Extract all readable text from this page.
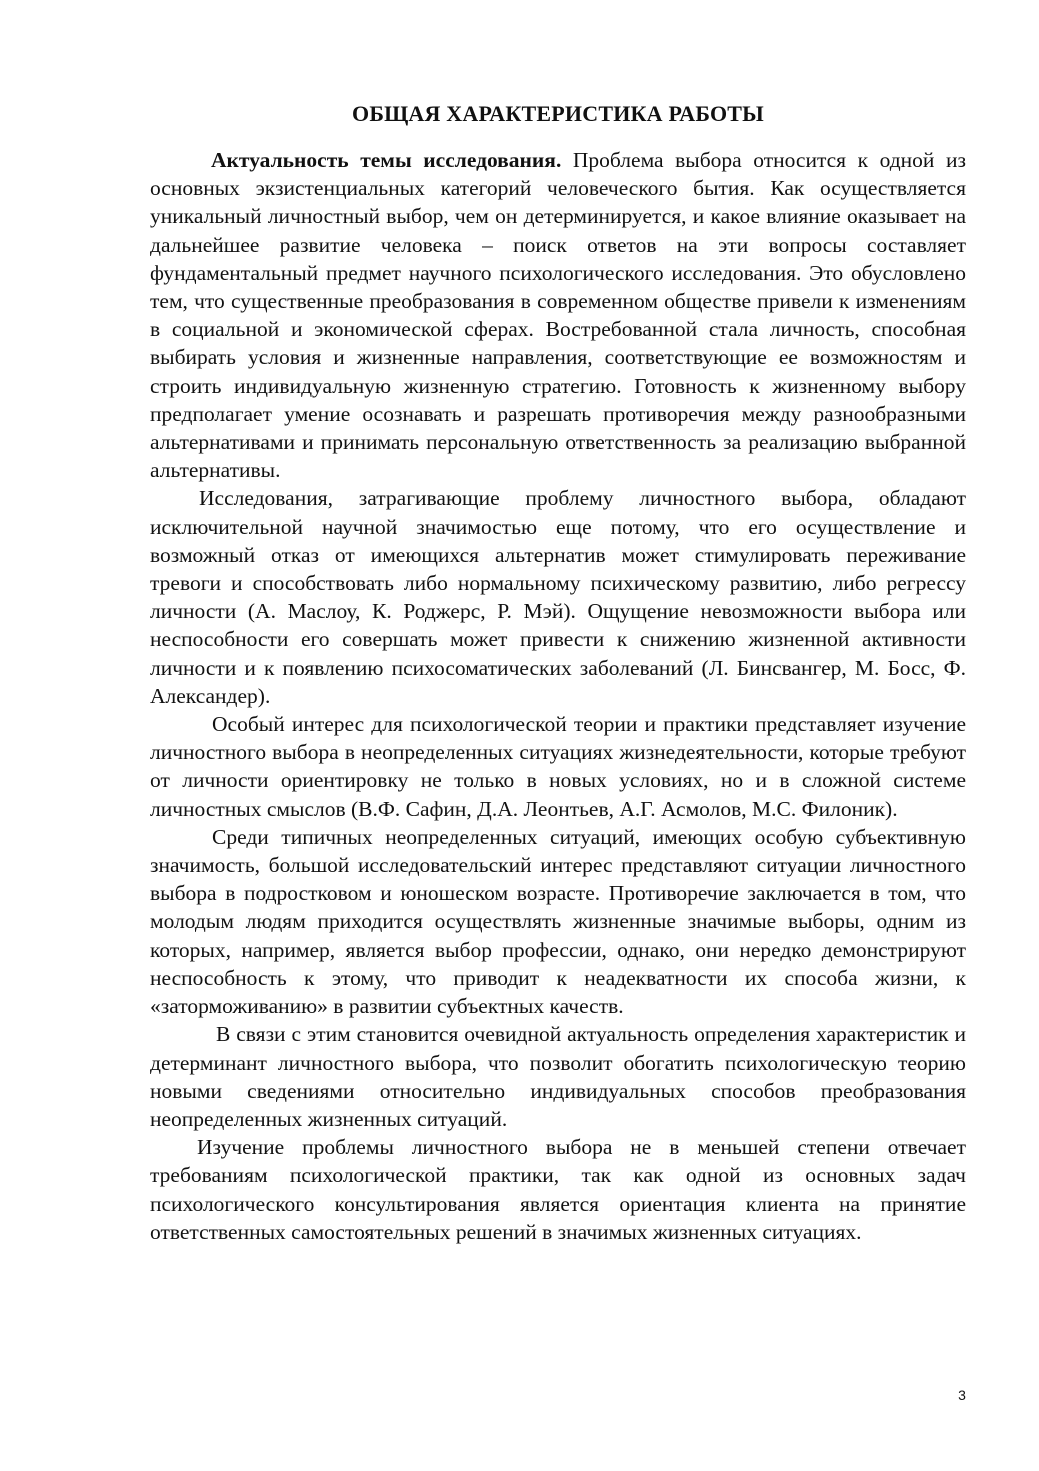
ОБЩАЯ ХАРАКТЕРИСТИКА РАБОТЫ

Актуальность темы исследования. Проблема выбора относится к одной из основных экзистенциальных категорий человеческого бытия. Как осуществляется уникальный личностный выбор, чем он детерминируется, и какое влияние оказывает на дальнейшее развитие человека – поиск ответов на эти вопросы составляет фундаментальный предмет научного психологического исследования. Это обусловлено тем, что существенные преобразования в современном обществе привели к изменениям в социальной и экономической сферах. Востребованной стала личность, способная выбирать условия и жизненные направления, соответствующие ее возможностям и строить индивидуальную жизненную стратегию. Готовность к жизненному выбору предполагает умение осознавать и разрешать противоречия между разнообразными альтернативами и принимать персональную ответственность за реализацию выбранной альтернативы.

Исследования, затрагивающие проблему личностного выбора, обладают исключительной научной значимостью еще потому, что его осуществление и возможный отказ от имеющихся альтернатив может стимулировать переживание тревоги и способствовать либо нормальному психическому развитию, либо регрессу личности (А. Маслоу, К. Роджерс, Р. Мэй). Ощущение невозможности выбора или неспособности его совершать может привести к снижению жизненной активности личности и к появлению психосоматических заболеваний (Л. Бинсвангер, М. Босс, Ф. Александер).

Особый интерес для психологической теории и практики представляет изучение личностного выбора в неопределенных ситуациях жизнедеятельности, которые требуют от личности ориентировку не только в новых условиях, но и в сложной системе личностных смыслов (В.Ф. Сафин, Д.А. Леонтьев, А.Г. Асмолов, М.С. Филоник).

Среди типичных неопределенных ситуаций, имеющих особую субъективную значимость, большой исследовательский интерес представляют ситуации личностного выбора в подростковом и юношеском возрасте. Противоречие заключается в том, что молодым людям приходится осуществлять жизненные значимые выборы, одним из которых, например, является выбор профессии, однако, они нередко демонстрируют неспособность к этому, что приводит к неадекватности их способа жизни, к «заторможиванию» в развитии субъектных качеств.

В связи с этим становится очевидной актуальность определения характеристик и детерминант личностного выбора, что позволит обогатить психологическую теорию новыми сведениями относительно индивидуальных способов преобразования неопределенных жизненных ситуаций.

Изучение проблемы личностного выбора не в меньшей степени отвечает требованиям психологической практики, так как одной из основных задач психологического консультирования является ориентация клиента на принятие ответственных самостоятельных решений в значимых жизненных ситуациях.

3
